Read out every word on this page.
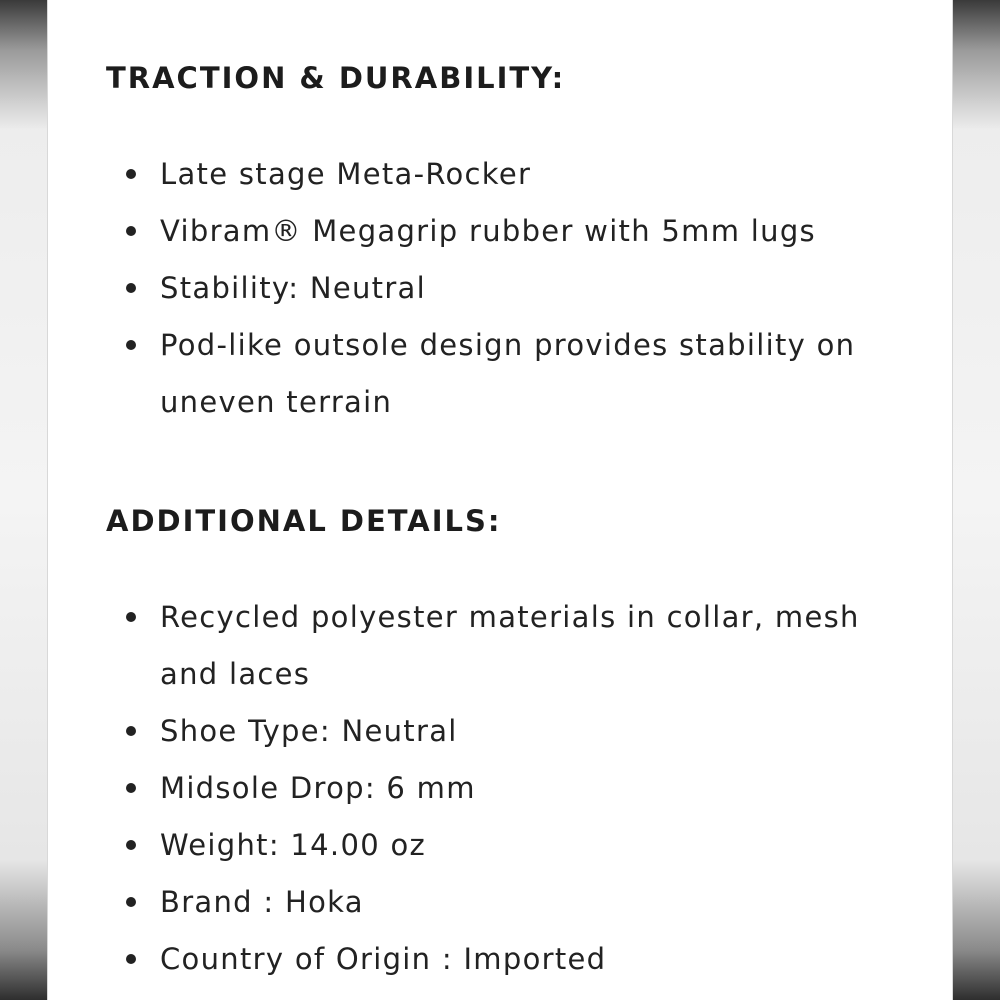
TRACTION & DURABILITY:
Late stage Meta-Rocker
Vibram® Megagrip rubber with 5mm lugs
Stability: Neutral
Pod-like outsole design provides stability on uneven terrain
ADDITIONAL DETAILS:
Recycled polyester materials in collar, mesh and laces
Shoe Type: Neutral
Midsole Drop: 6 mm
Weight: 14.00 oz
Brand : Hoka
Country of Origin : Imported
